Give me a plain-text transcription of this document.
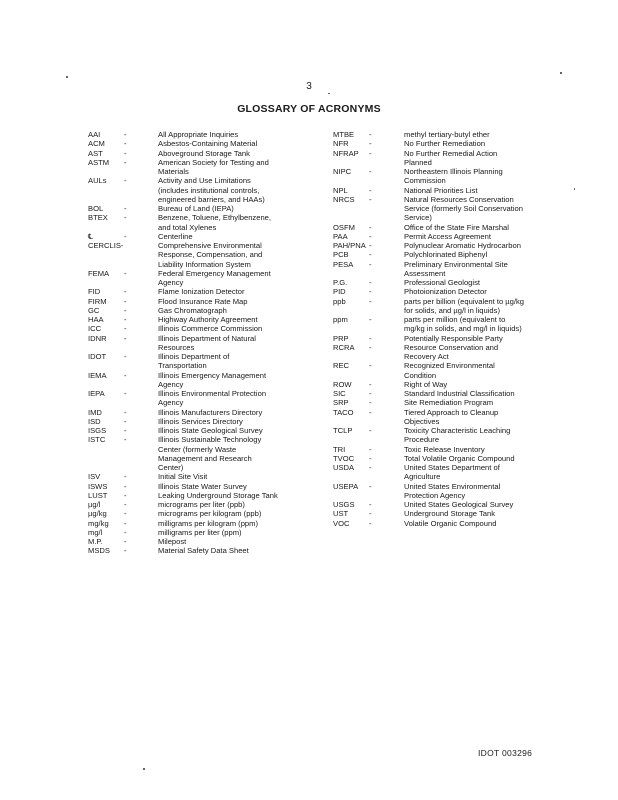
3
GLOSSARY OF ACRONYMS
AAI	-	All Appropriate Inquiries
ACM	-	Asbestos-Containing Material
AST	-	Aboveground Storage Tank
ASTM	-	American Society for Testing and
Materials
AULs	-	Activity and Use Limitations
(includes institutional controls,
engineered barriers, and HAAs)
BOL	-	Bureau of Land (IEPA)
BTEX	-	Benzene, Toluene, Ethylbenzene,
and total Xylenes
℄	-	Centerline
CERCLIS-	Comprehensive Environmental
Response, Compensation, and
Liability Information System
FEMA	-	Federal Emergency Management
Agency
FID	-	Flame Ionization Detector
FIRM	-	Flood Insurance Rate Map
GC	-	Gas Chromatograph
HAA	-	Highway Authority Agreement
ICC	-	Illinois Commerce Commission
IDNR	-	Illinois Department of Natural
Resources
IDOT	-	Illinois Department of
Transportation
IEMA	-	Illinois Emergency Management
Agency
IEPA	-	Illinois Environmental Protection
Agency
IMD	-	Illinois Manufacturers Directory
ISD	-	Illinois Services Directory
ISGS	-	Illinois State Geological Survey
ISTC	-	Illinois Sustainable Technology
Center (formerly Waste
Management and Research
Center)
ISV	-	Initial Site Visit
ISWS	-	Illinois State Water Survey
LUST	-	Leaking Underground Storage Tank
µg/l	-	micrograms per liter (ppb)
µg/kg	-	micrograms per kilogram (ppb)
mg/kg	-	milligrams per kilogram (ppm)
mg/l	-	milligrams per liter (ppm)
M.P.	-	Milepost
MSDS	-	Material Safety Data Sheet
MTBE	-	methyl tertiary-butyl ether
NFR	-	No Further Remediation
NFRAP	-	No Further Remedial Action
Planned
NIPC	-	Northeastern Illinois Planning
Commission
NPL	-	National Priorities List
NRCS	-	Natural Resources Conservation
Service (formerly Soil Conservation
Service)
OSFM	-	Office of the State Fire Marshal
PAA	-	Permit Access Agreement
PAH/PNA -	Polynuclear Aromatic Hydrocarbon
PCB	-	Polychlorinated Biphenyl
PESA	-	Preliminary Environmental Site
Assessment
P.G.	-	Professional Geologist
PID	-	Photoionization Detector
ppb	-	parts per billion (equivalent to µg/kg
for solids, and µg/l in liquids)
ppm	-	parts per million (equivalent to
mg/kg in solids, and mg/l in liquids)
PRP	-	Potentially Responsible Party
RCRA	-	Resource Conservation and
Recovery Act
REC	-	Recognized Environmental
Condition
ROW	-	Right of Way
SIC	-	Standard Industrial Classification
SRP	-	Site Remediation Program
TACO	-	Tiered Approach to Cleanup
Objectives
TCLP	-	Toxicity Characteristic Leaching
Procedure
TRI	-	Toxic Release Inventory
TVOC	-	Total Volatile Organic Compound
USDA	-	United States Department of
Agriculture
USEPA	-	United States Environmental
Protection Agency
USGS	-	United States Geological Survey
UST	-	Underground Storage Tank
VOC	-	Volatile Organic Compound
IDOT 003296
